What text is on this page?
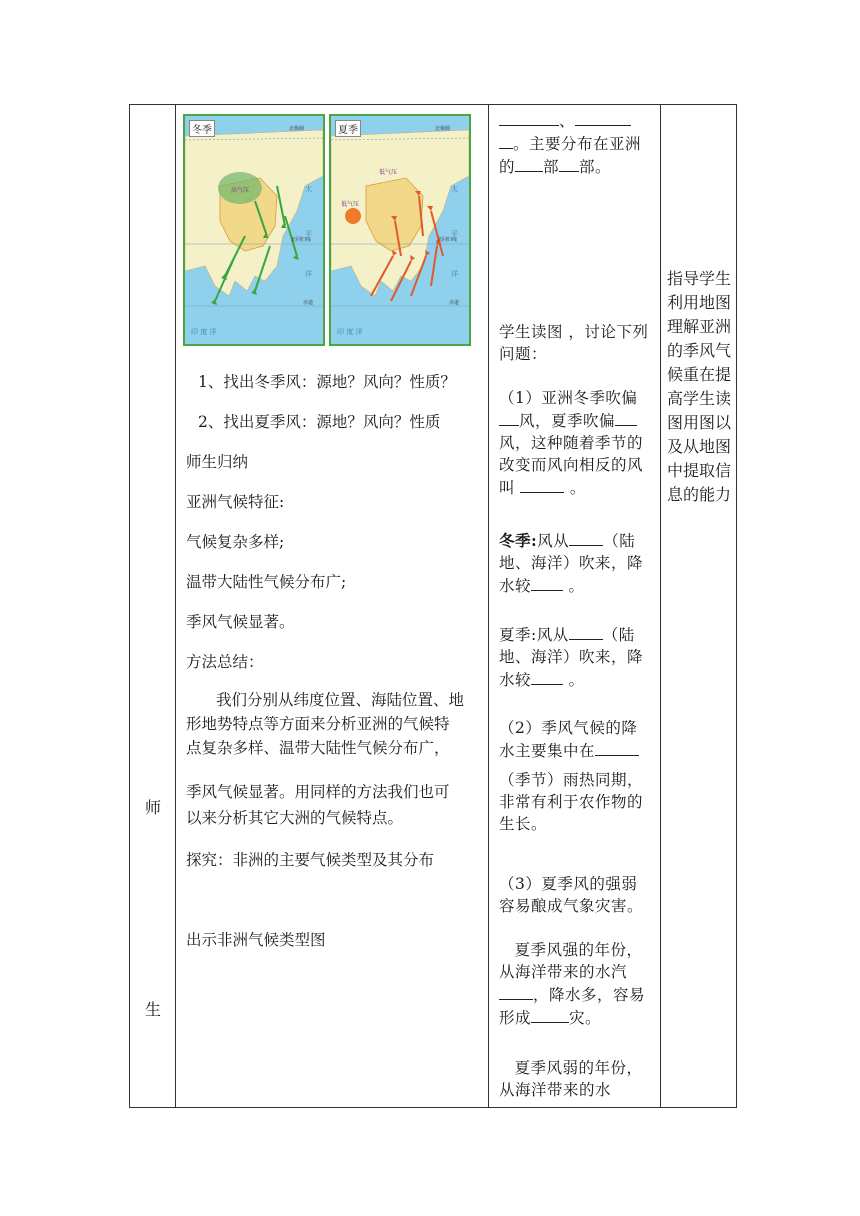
师
生
高气压
北极圈
北回归线
赤道
太
平
洋
印 度 洋
冬季
低气压
低气压
北极圈
北回归线
赤道
太
平
洋
印 度 洋
夏季
1、找出冬季风：源地？风向？性质？
2、找出夏季风：源地？风向？性质
师生归纳
亚洲气候特征:
气候复杂多样;
温带大陆性气候分布广;
季风气候显著。
方法总结：
我们分别从纬度位置、海陆位置、地
形地势特点等方面来分析亚洲的气候特
点复杂多样、温带大陆性气候分布广，
季风气候显著。用同样的方法我们也可
以来分析其它大洲的气候特点。
探究：非洲的主要气候类型及其分布
出示非洲气候类型图
、
。主要分布在亚洲
的 部 部。
学生读图 ，讨论下列问题：
（1）亚洲冬季吹偏风，夏季吹偏风，这种随着季节的改变而风向相反的风叫	。
冬季:风从 （陆地、海洋）吹来，降水较 。
夏季:风从 （陆地、海洋）吹来，降水较 。
（2）季风气候的降水主要集中在
（季节）雨热同期，非常有利于农作物的生长。
（3）夏季风的强弱容易酿成气象灾害。
夏季风强的年份，从海洋带来的水汽，降水多，容易形成 灾。
夏季风弱的年份，从海洋带来的水
指导学生利用地图理解亚洲的季风气候重在提高学生读图用图以及从地图中提取信息的能力
